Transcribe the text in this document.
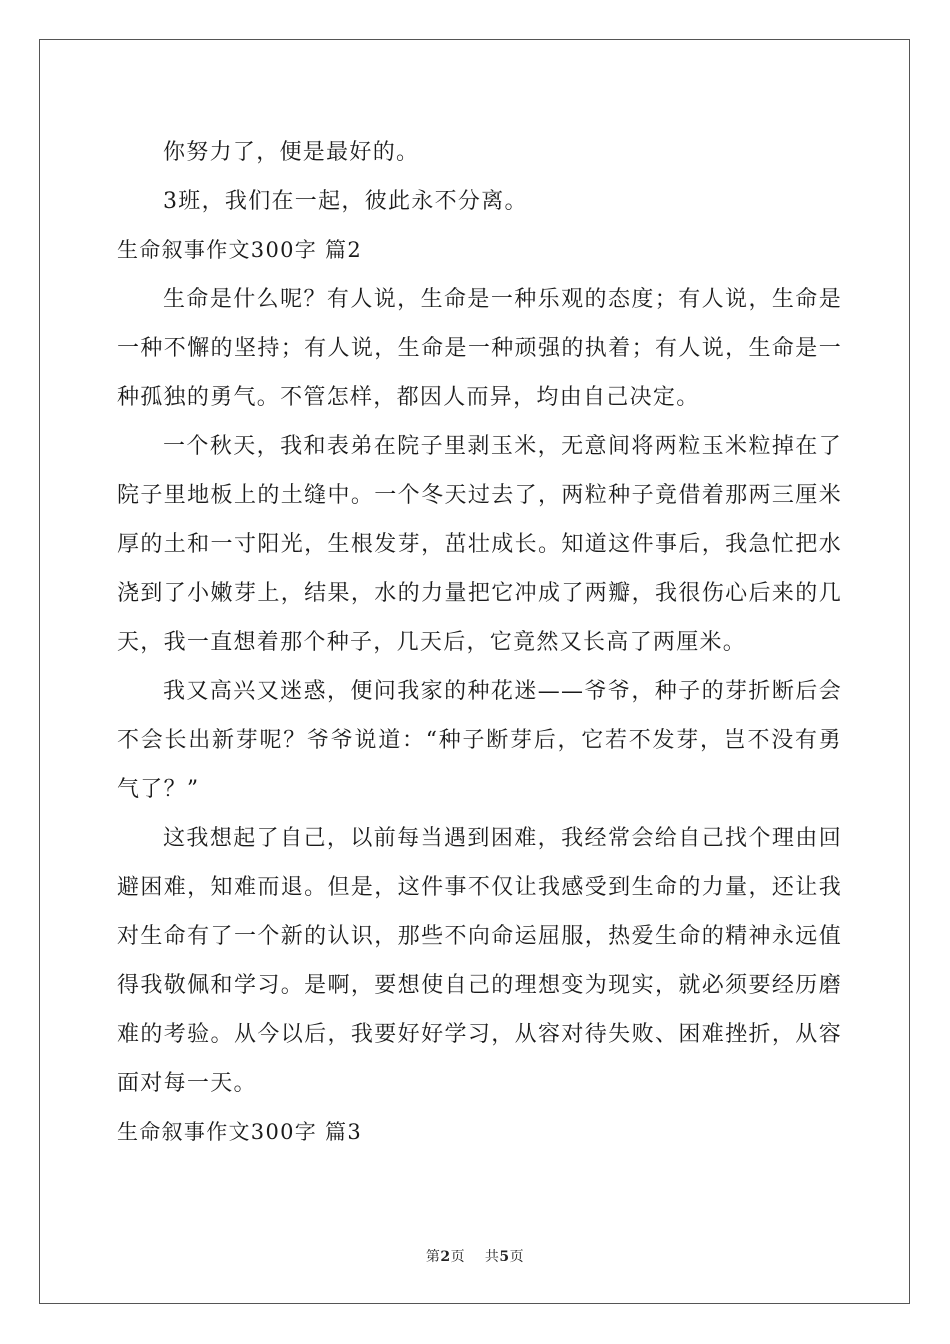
你努力了，便是最好的。

3班，我们在一起，彼此永不分离。

生命叙事作文300字 篇2

生命是什么呢？有人说，生命是一种乐观的态度；有人说，生命是一种不懈的坚持；有人说，生命是一种顽强的执着；有人说，生命是一种孤独的勇气。不管怎样，都因人而异，均由自己决定。

一个秋天，我和表弟在院子里剥玉米，无意间将两粒玉米粒掉在了院子里地板上的土缝中。一个冬天过去了，两粒种子竟借着那两三厘米厚的土和一寸阳光，生根发芽，茁壮成长。知道这件事后，我急忙把水浇到了小嫩芽上，结果，水的力量把它冲成了两瓣，我很伤心后来的几天，我一直想着那个种子，几天后，它竟然又长高了两厘米。

我又高兴又迷惑，便问我家的种花迷——爷爷，种子的芽折断后会不会长出新芽呢？爷爷说道：“种子断芽后，它若不发芽，岂不没有勇气了？”

这我想起了自己，以前每当遇到困难，我经常会给自己找个理由回避困难，知难而退。但是，这件事不仅让我感受到生命的力量，还让我对生命有了一个新的认识，那些不向命运屈服，热爱生命的精神永远值得我敬佩和学习。是啊，要想使自己的理想变为现实，就必须要经历磨难的考验。从今以后，我要好好学习，从容对待失败、困难挫折，从容面对每一天。

生命叙事作文300字 篇3

第2页 共5页
